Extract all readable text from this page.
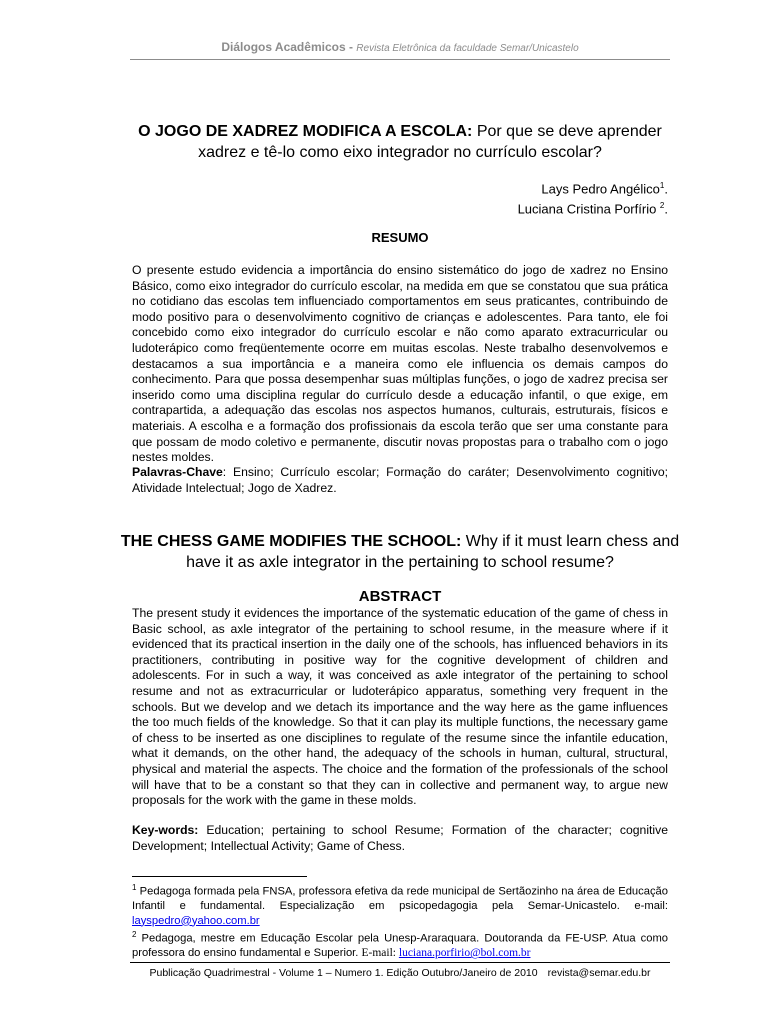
Diálogos Acadêmicos - Revista Eletrônica da faculdade Semar/Unicastelo
O JOGO DE XADREZ MODIFICA A ESCOLA: Por que se deve aprender xadrez e tê-lo como eixo integrador no currículo escolar?
Lays Pedro Angélico$^1$.
Luciana Cristina Porfírio $^2$.
RESUMO

O presente estudo evidencia a importância do ensino sistemático do jogo de xadrez no Ensino Básico, como eixo integrador do currículo escolar, na medida em que se constatou que sua prática no cotidiano das escolas tem influenciado comportamentos em seus praticantes, contribuindo de modo positivo para o desenvolvimento cognitivo de crianças e adolescentes. Para tanto, ele foi concebido como eixo integrador do currículo escolar e não como aparato extracurricular ou ludoterápico como freqüentemente ocorre em muitas escolas. Neste trabalho desenvolvemos e destacamos a sua importância e a maneira como ele influencia os demais campos do conhecimento. Para que possa desempenhar suas múltiplas funções, o jogo de xadrez precisa ser inserido como uma disciplina regular do currículo desde a educação infantil, o que exige, em contrapartida, a adequação das escolas nos aspectos humanos, culturais, estruturais, físicos e materiais. A escolha e a formação dos profissionais da escola terão que ser uma constante para que possam de modo coletivo e permanente, discutir novas propostas para o trabalho com o jogo nestes moldes.

Palavras-Chave: Ensino; Currículo escolar; Formação do caráter; Desenvolvimento cognitivo; Atividade Intelectual; Jogo de Xadrez.

THE CHESS GAME MODIFIES THE SCHOOL: Why if it must learn chess and have it as axle integrator in the pertaining to school resume?
ABSTRACT

The present study it evidences the importance of the systematic education of the game of chess in Basic school, as axle integrator of the pertaining to school resume, in the measure where if it evidenced that its practical insertion in the daily one of the schools, has influenced behaviors in its practitioners, contributing in positive way for the cognitive development of children and adolescents. For in such a way, it was conceived as axle integrator of the pertaining to school resume and not as extracurricular or ludoterápico apparatus, something very frequent in the schools. But we develop and we detach its importance and the way here as the game influences the too much fields of the knowledge. So that it can play its multiple functions, the necessary game of chess to be inserted as one disciplines to regulate of the resume since the infantile education, what it demands, on the other hand, the adequacy of the schools in human, cultural, structural, physical and material the aspects. The choice and the formation of the professionals of the school will have that to be a constant so that they can in collective and permanent way, to argue new proposals for the work with the game in these molds.

Key-words: Education; pertaining to school Resume; Formation of the character; cognitive Development; Intellectual Activity; Game of Chess.

$^1$ Pedagoga formada pela FNSA, professora efetiva da rede municipal de Sertãozinho na área de Educação Infantil e fundamental. Especialização em psicopedagogia pela Semar-Unicastelo. e-mail: layspedro@yahoo.com.br
$^2$ Pedagoga, mestre em Educação Escolar pela Unesp-Araraquara. Doutoranda da FE-USP. Atua como professora do ensino fundamental e Superior. E-mail: luciana.porfirio@bol.com.br
Publicação Quadrimestral - Volume 1 – Numero 1. Edição Outubro/Janeiro de 2010 revista@semar.edu.br
